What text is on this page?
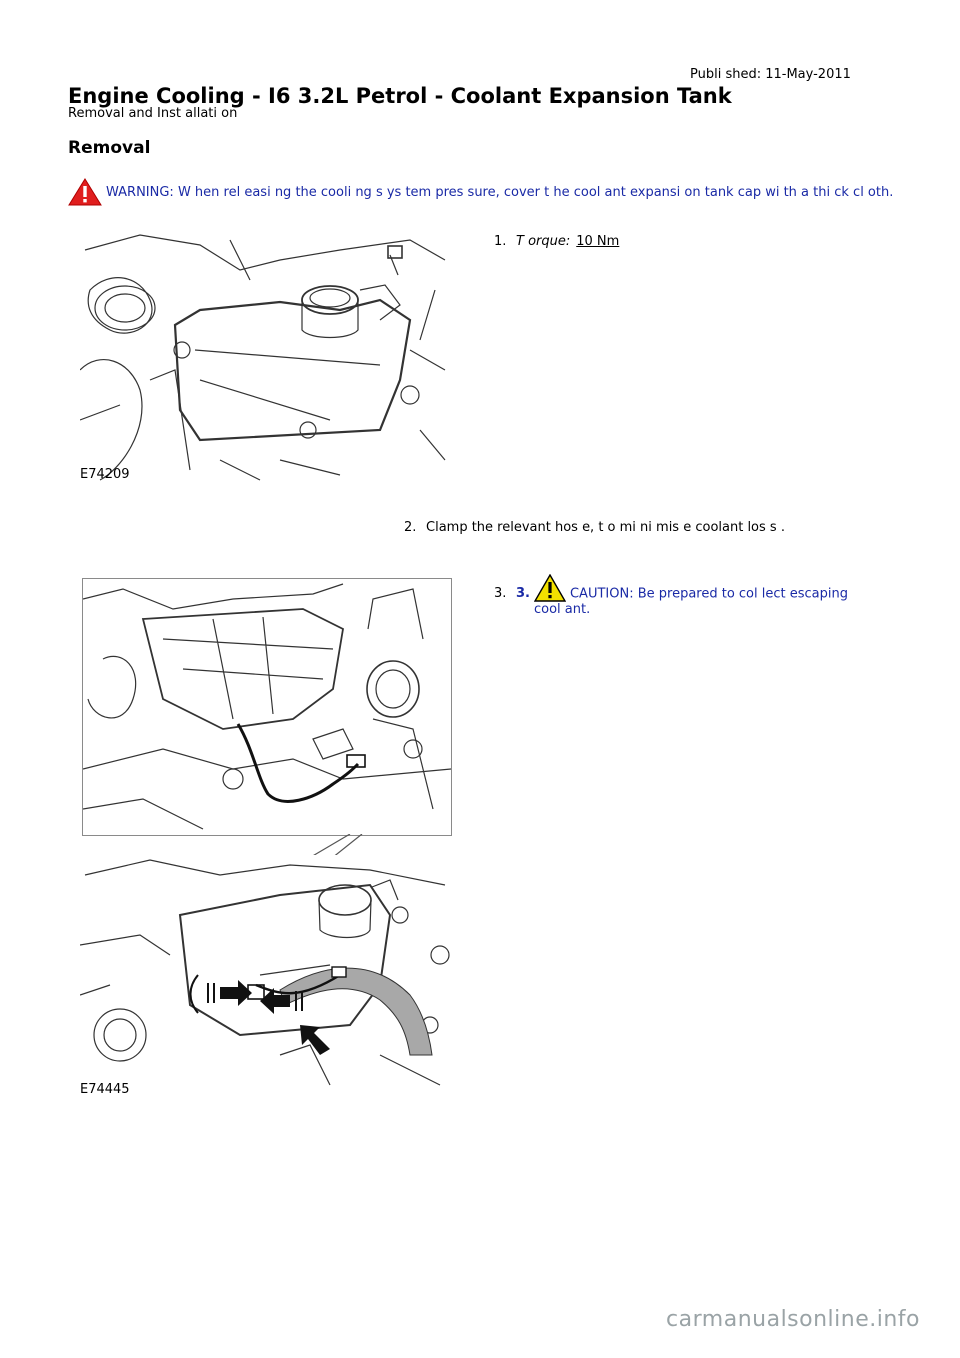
Publi shed: 11-May-2011
Engine Cooling - I6 3.2L Petrol - Coolant Expansion Tank
Removal and Inst allati on
Removal
WARNING: W hen rel easi ng the cooli ng s ys tem pres sure, cover t he cool ant expansi on tank cap wi th a thi ck cl oth.
E74209
1. T orque: 10 Nm
2. Clamp the relevant hos e, t o mi ni mis e coolant los s .
E74445
3. 3.	CAUTION: Be prepared to col lect escaping cool ant.
carmanualsonline.info
